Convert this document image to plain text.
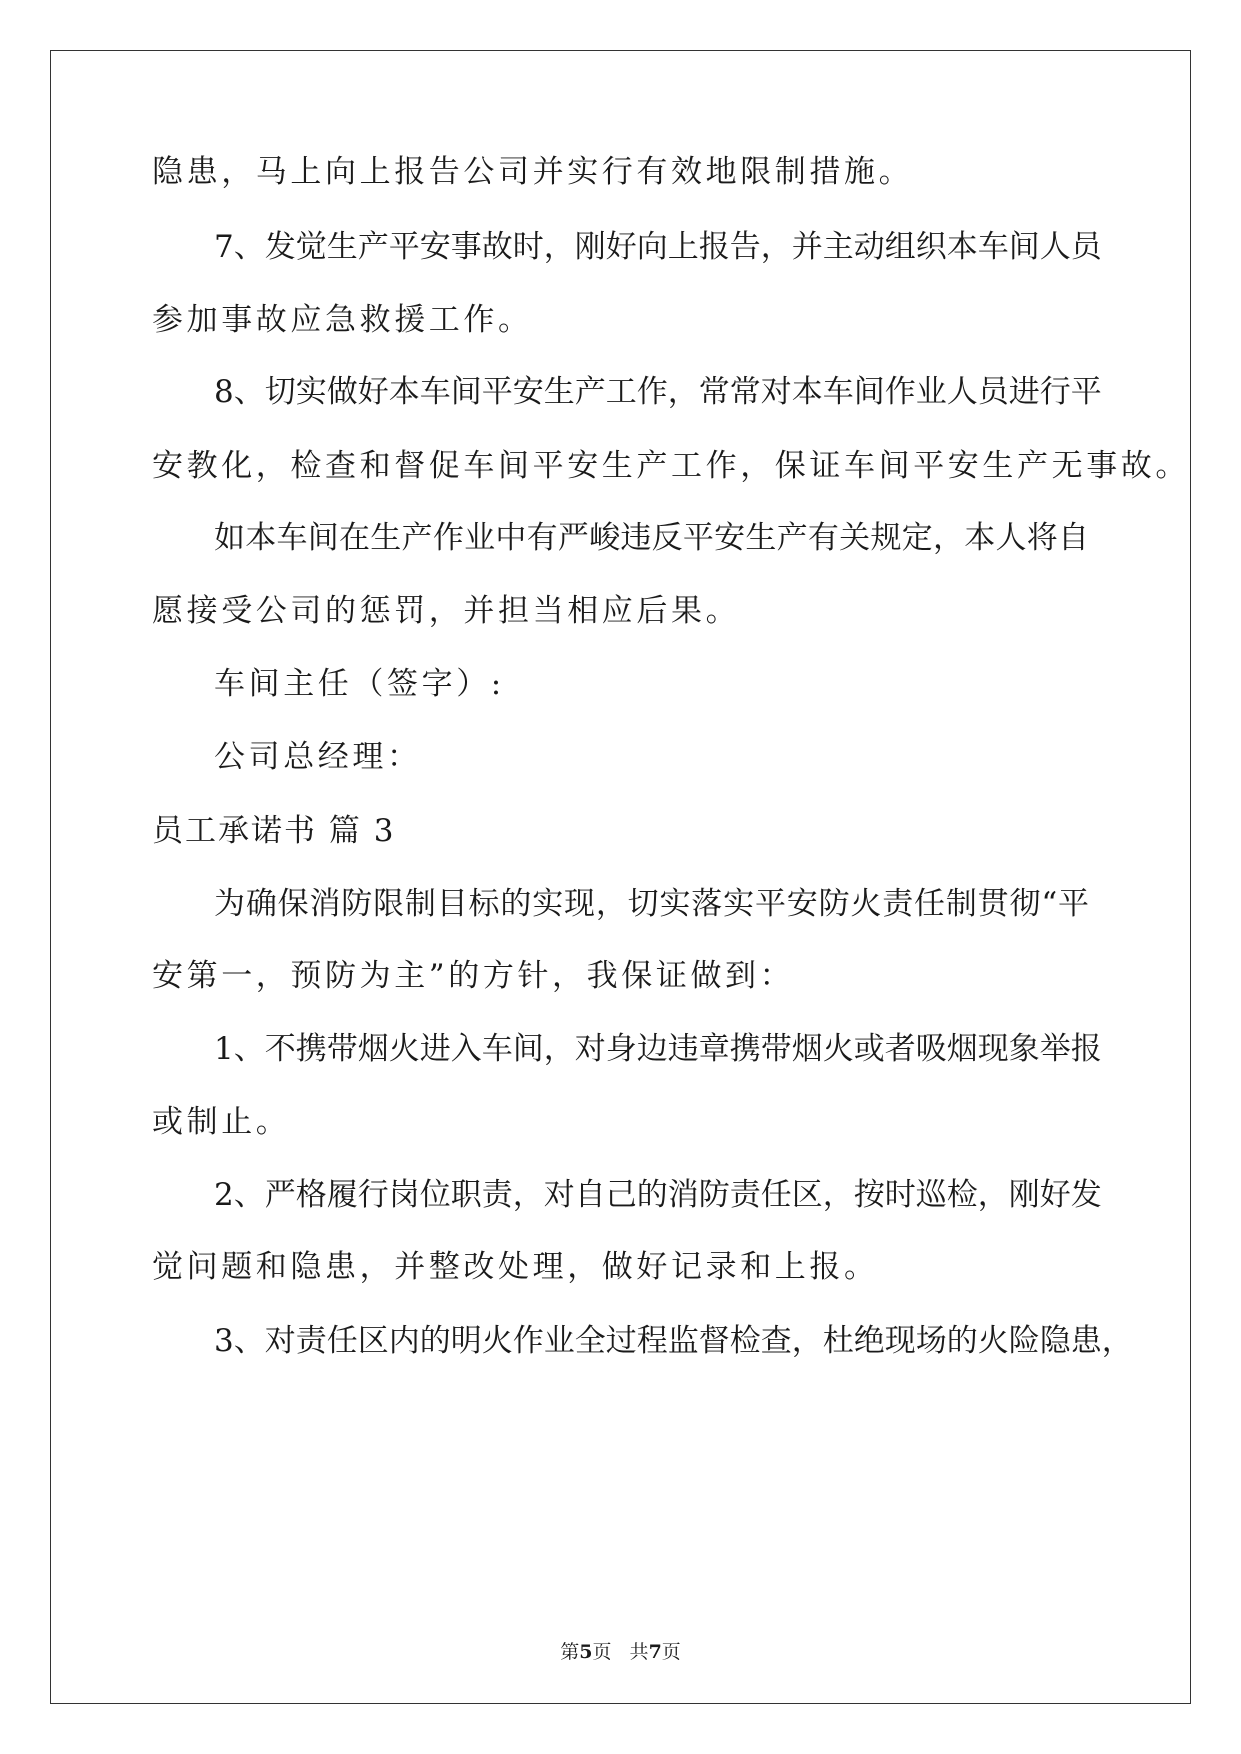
隐患，马上向上报告公司并实行有效地限制措施。
7、发觉生产平安事故时，刚好向上报告，并主动组织本车间人员
参加事故应急救援工作。
8、切实做好本车间平安生产工作，常常对本车间作业人员进行平
安教化，检查和督促车间平安生产工作，保证车间平安生产无事故。
如本车间在生产作业中有严峻违反平安生产有关规定，本人将自
愿接受公司的惩罚，并担当相应后果。
车间主任（签字）:
公司总经理：
员工承诺书 篇 3
为确保消防限制目标的实现，切实落实平安防火责任制贯彻“平
安第一，预防为主”的方针，我保证做到：
1、不携带烟火进入车间，对身边违章携带烟火或者吸烟现象举报
或制止。
2、严格履行岗位职责，对自己的消防责任区，按时巡检，刚好发
觉问题和隐患，并整改处理，做好记录和上报。
3、对责任区内的明火作业全过程监督检查，杜绝现场的火险隐患，
第5页   共7页
